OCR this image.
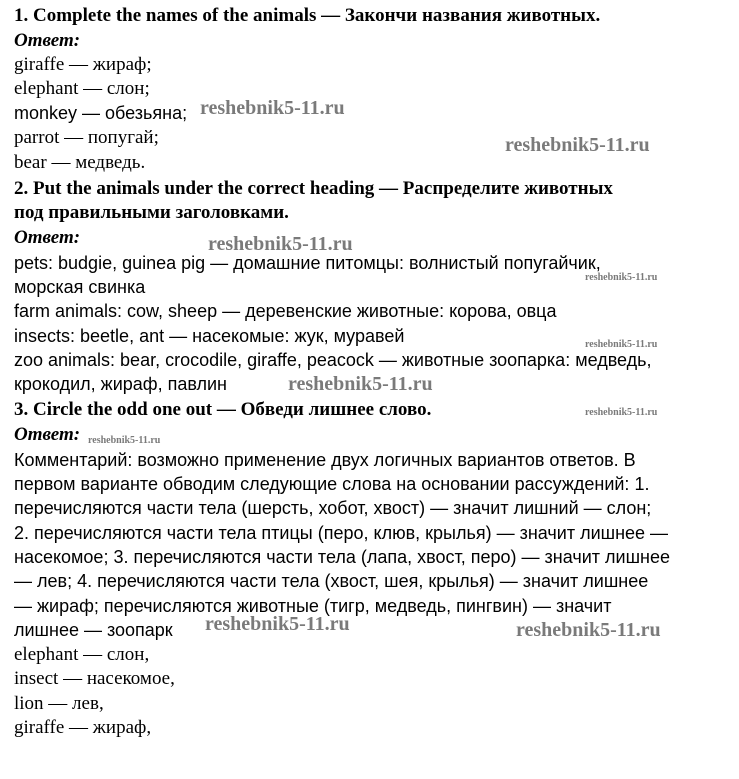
1. Complete the names of the animals — Закончи названия животных.
Ответ:
giraffe — жираф;
elephant — слон;
monkey — обезьяна;
parrot — попугай;
bear — медведь.
2. Put the animals under the correct heading — Распределите животных
под правильными заголовками.
Ответ:
pets: budgie, guinea pig — домашние питомцы: волнистый попугайчик,
морская свинка
farm animals: cow, sheep — деревенские животные: корова, овца
insects: beetle, ant — насекомые: жук, муравей
zoo animals: bear, crocodile, giraffe, peacock — животные зоопарка: медведь,
крокодил, жираф, павлин
3. Circle the odd one out — Обведи лишнее слово.
Ответ:
Комментарий: возможно применение двух логичных вариантов ответов. В
первом варианте обводим следующие слова на основании рассуждений: 1.
перечисляются части тела (шерсть, хобот, хвост) — значит лишний — слон;
2. перечисляются части тела птицы (перо, клюв, крылья) — значит лишнее —
насекомое; 3. перечисляются части тела (лапа, хвост, перо) — значит лишнее
— лев; 4. перечисляются части тела (хвост, шея, крылья) — значит лишнее
— жираф; перечисляются животные (тигр, медведь, пингвин) — значит
лишнее — зоопарк
elephant — слон,
insect — насекомое,
lion — лев,
giraffe — жираф,
reshebnik5-11.ru
reshebnik5-11.ru
reshebnik5-11.ru
reshebnik5-11.ru
reshebnik5-11.ru
reshebnik5-11.ru
reshebnik5-11.ru
reshebnik5-11.ru
reshebnik5-11.ru	reshebnik5-11.ru
